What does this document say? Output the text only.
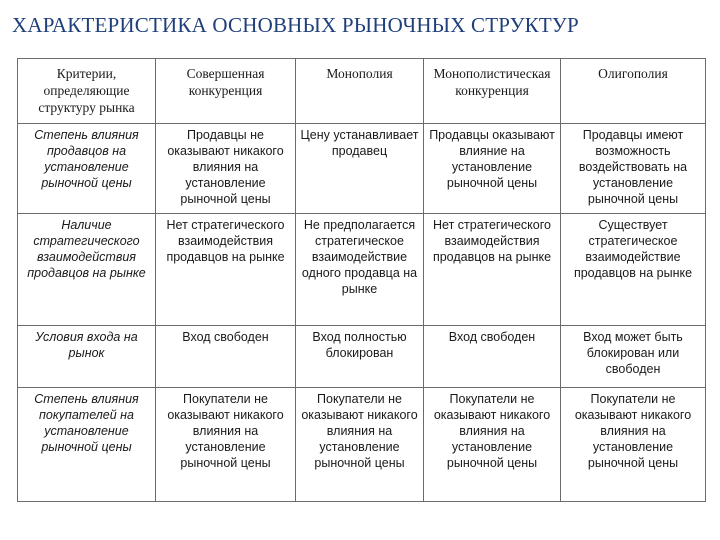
ХАРАКТЕРИСТИКА ОСНОВНЫХ РЫНОЧНЫХ СТРУКТУР
Критерии, определяющие структуру рынка	Совершенная конкуренция	Монополия	Монополистическая конкуренция	Олигополия
Степень влияния продавцов на установление рыночной цены	Продавцы не оказывают никакого влияния на установление рыночной цены	Цену устанавливает продавец	Продавцы оказывают влияние на установление рыночной цены	Продавцы имеют возможность воздействовать на установление рыночной цены
Наличие стратегического взаимодействия продавцов на рынке	Нет стратегического взаимодействия продавцов на рынке	Не предполагается стратегическое взаимодействие одного продавца на рынке	Нет стратегического взаимодействия продавцов на рынке	Существует стратегическое взаимодействие продавцов на рынке
Условия входа на рынок	Вход свободен	Вход полностью блокирован	Вход свободен	Вход может быть блокирован или свободен
Степень влияния покупателей на установление рыночной цены	Покупатели не оказывают никакого влияния на установление рыночной цены	Покупатели не оказывают никакого влияния на установление рыночной цены	Покупатели не оказывают никакого влияния на установление рыночной цены	Покупатели не оказывают никакого влияния на установление рыночной цены
